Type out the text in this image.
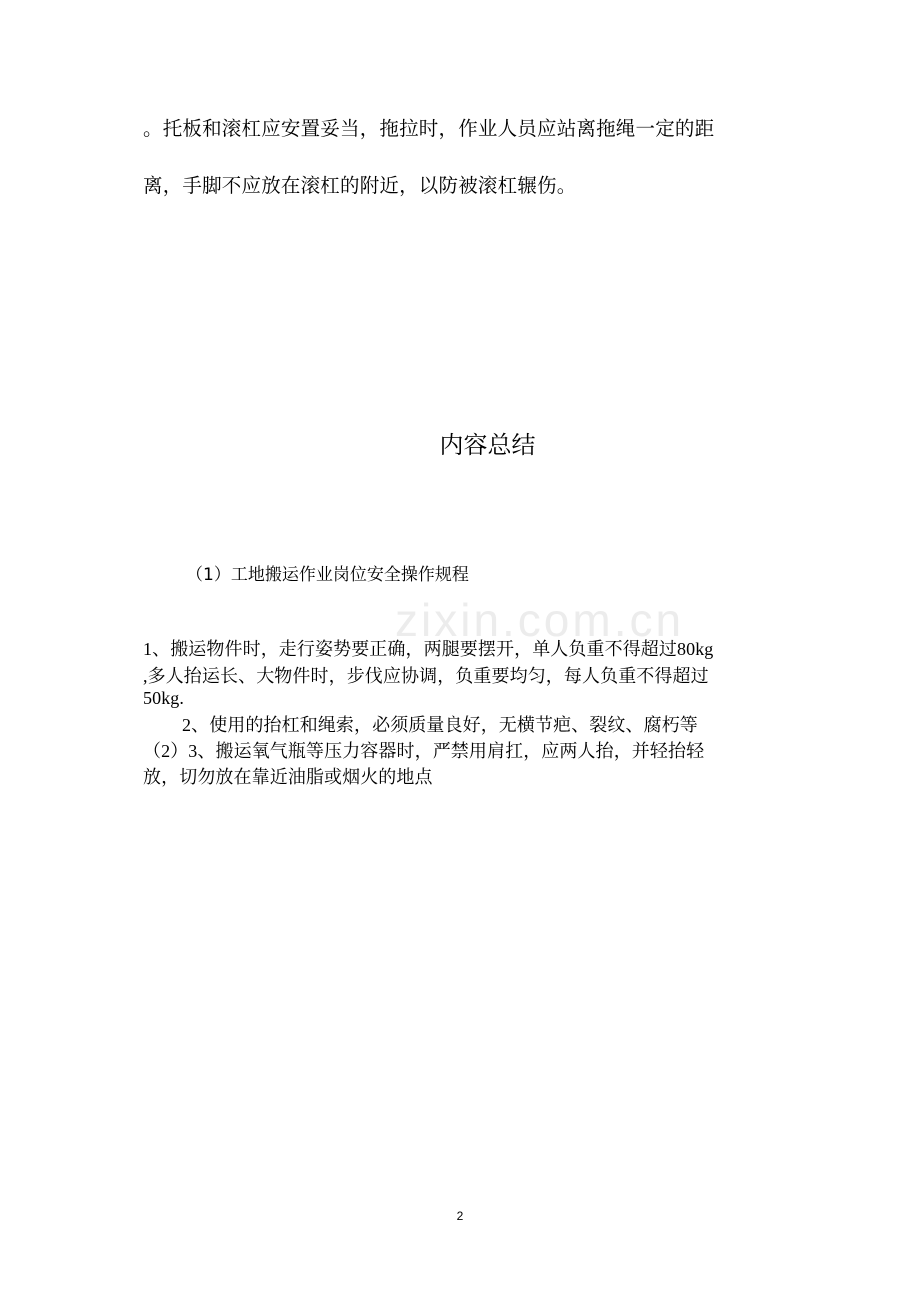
。托板和滚杠应安置妥当，拖拉时，作业人员应站离拖绳一定的距

离，手脚不应放在滚杠的附近，以防被滚杠辗伤。

内容总结

（1）工地搬运作业岗位安全操作规程

zixin.com.cn

1、搬运物件时，走行姿势要正确，两腿要摆开，单人负重不得超过80kg

,多人抬运长、大物件时，步伐应协调，负重要均匀，每人负重不得超过

50kg.

2、使用的抬杠和绳索，必须质量良好，无横节疤、裂纹、腐朽等

（2）3、搬运氧气瓶等压力容器时，严禁用肩扛，应两人抬，并轻抬轻

放，切勿放在靠近油脂或烟火的地点

2
